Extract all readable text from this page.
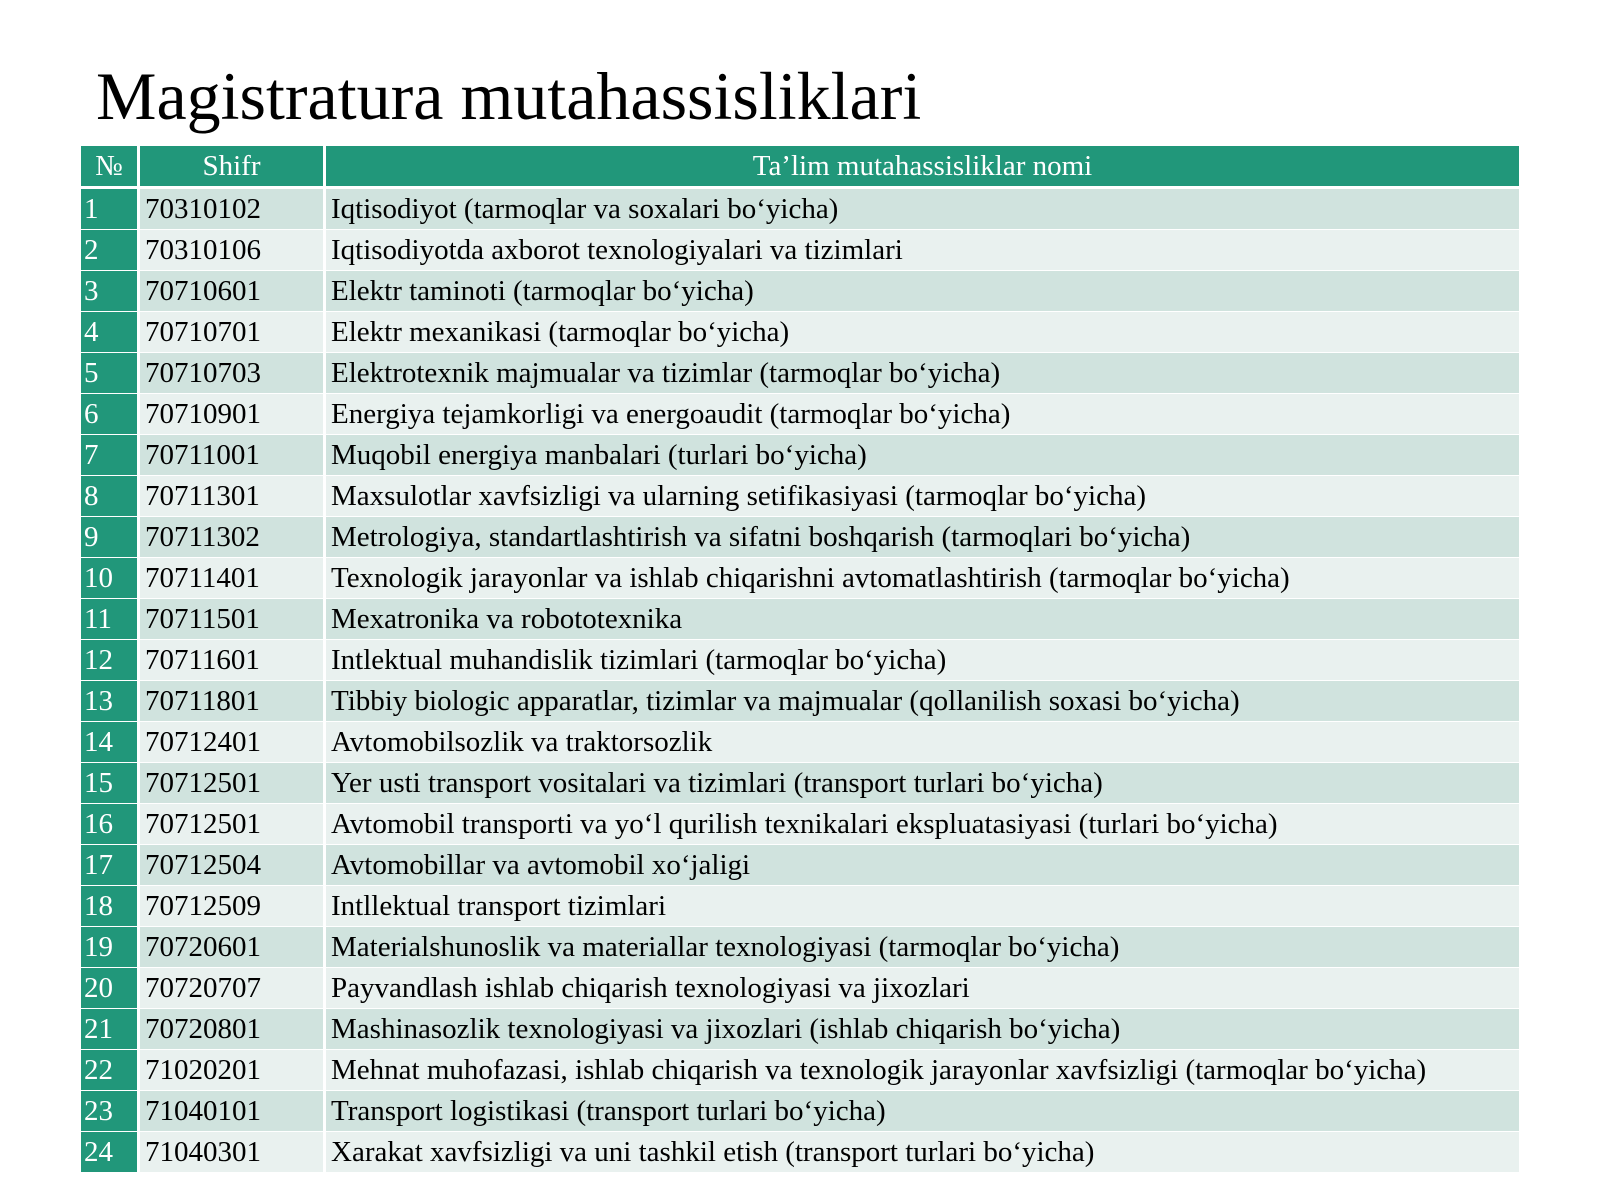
Magistratura mutahassisliklari
№	Shifr	Ta’lim mutahassisliklar nomi
1	70310102	Iqtisodiyot (tarmoqlar va soxalari bo‘yicha)
2	70310106	Iqtisodiyotda axborot texnologiyalari va tizimlari
3	70710601	Elektr taminoti (tarmoqlar bo‘yicha)
4	70710701	Elektr mexanikasi (tarmoqlar bo‘yicha)
5	70710703	Elektrotexnik majmualar va tizimlar (tarmoqlar bo‘yicha)
6	70710901	Energiya tejamkorligi va energoaudit (tarmoqlar bo‘yicha)
7	70711001	Muqobil energiya manbalari (turlari bo‘yicha)
8	70711301	Maxsulotlar xavfsizligi va ularning setifikasiyasi (tarmoqlar bo‘yicha)
9	70711302	Metrologiya, standartlashtirish va sifatni boshqarish (tarmoqlari bo‘yicha)
10	70711401	Texnologik jarayonlar va ishlab chiqarishni avtomatlashtirish (tarmoqlar bo‘yicha)
11	70711501	Mexatronika va robototexnika
12	70711601	Intlektual muhandislik tizimlari (tarmoqlar bo‘yicha)
13	70711801	Tibbiy biologic apparatlar, tizimlar va majmualar (qollanilish soxasi bo‘yicha)
14	70712401	Avtomobilsozlik va traktorsozlik
15	70712501	Yer usti transport vositalari va tizimlari (transport turlari bo‘yicha)
16	70712501	Avtomobil transporti va yo‘l qurilish texnikalari ekspluatasiyasi (turlari bo‘yicha)
17	70712504	Avtomobillar va avtomobil xo‘jaligi
18	70712509	Intllektual transport tizimlari
19	70720601	Materialshunoslik va materiallar texnologiyasi (tarmoqlar bo‘yicha)
20	70720707	Payvandlash ishlab chiqarish texnologiyasi va jixozlari
21	70720801	Mashinasozlik texnologiyasi va jixozlari (ishlab chiqarish bo‘yicha)
22	71020201	Mehnat muhofazasi, ishlab chiqarish va texnologik jarayonlar xavfsizligi (tarmoqlar bo‘yicha)
23	71040101	Transport logistikasi (transport turlari bo‘yicha)
24	71040301	Xarakat xavfsizligi va uni tashkil etish (transport turlari bo‘yicha)
